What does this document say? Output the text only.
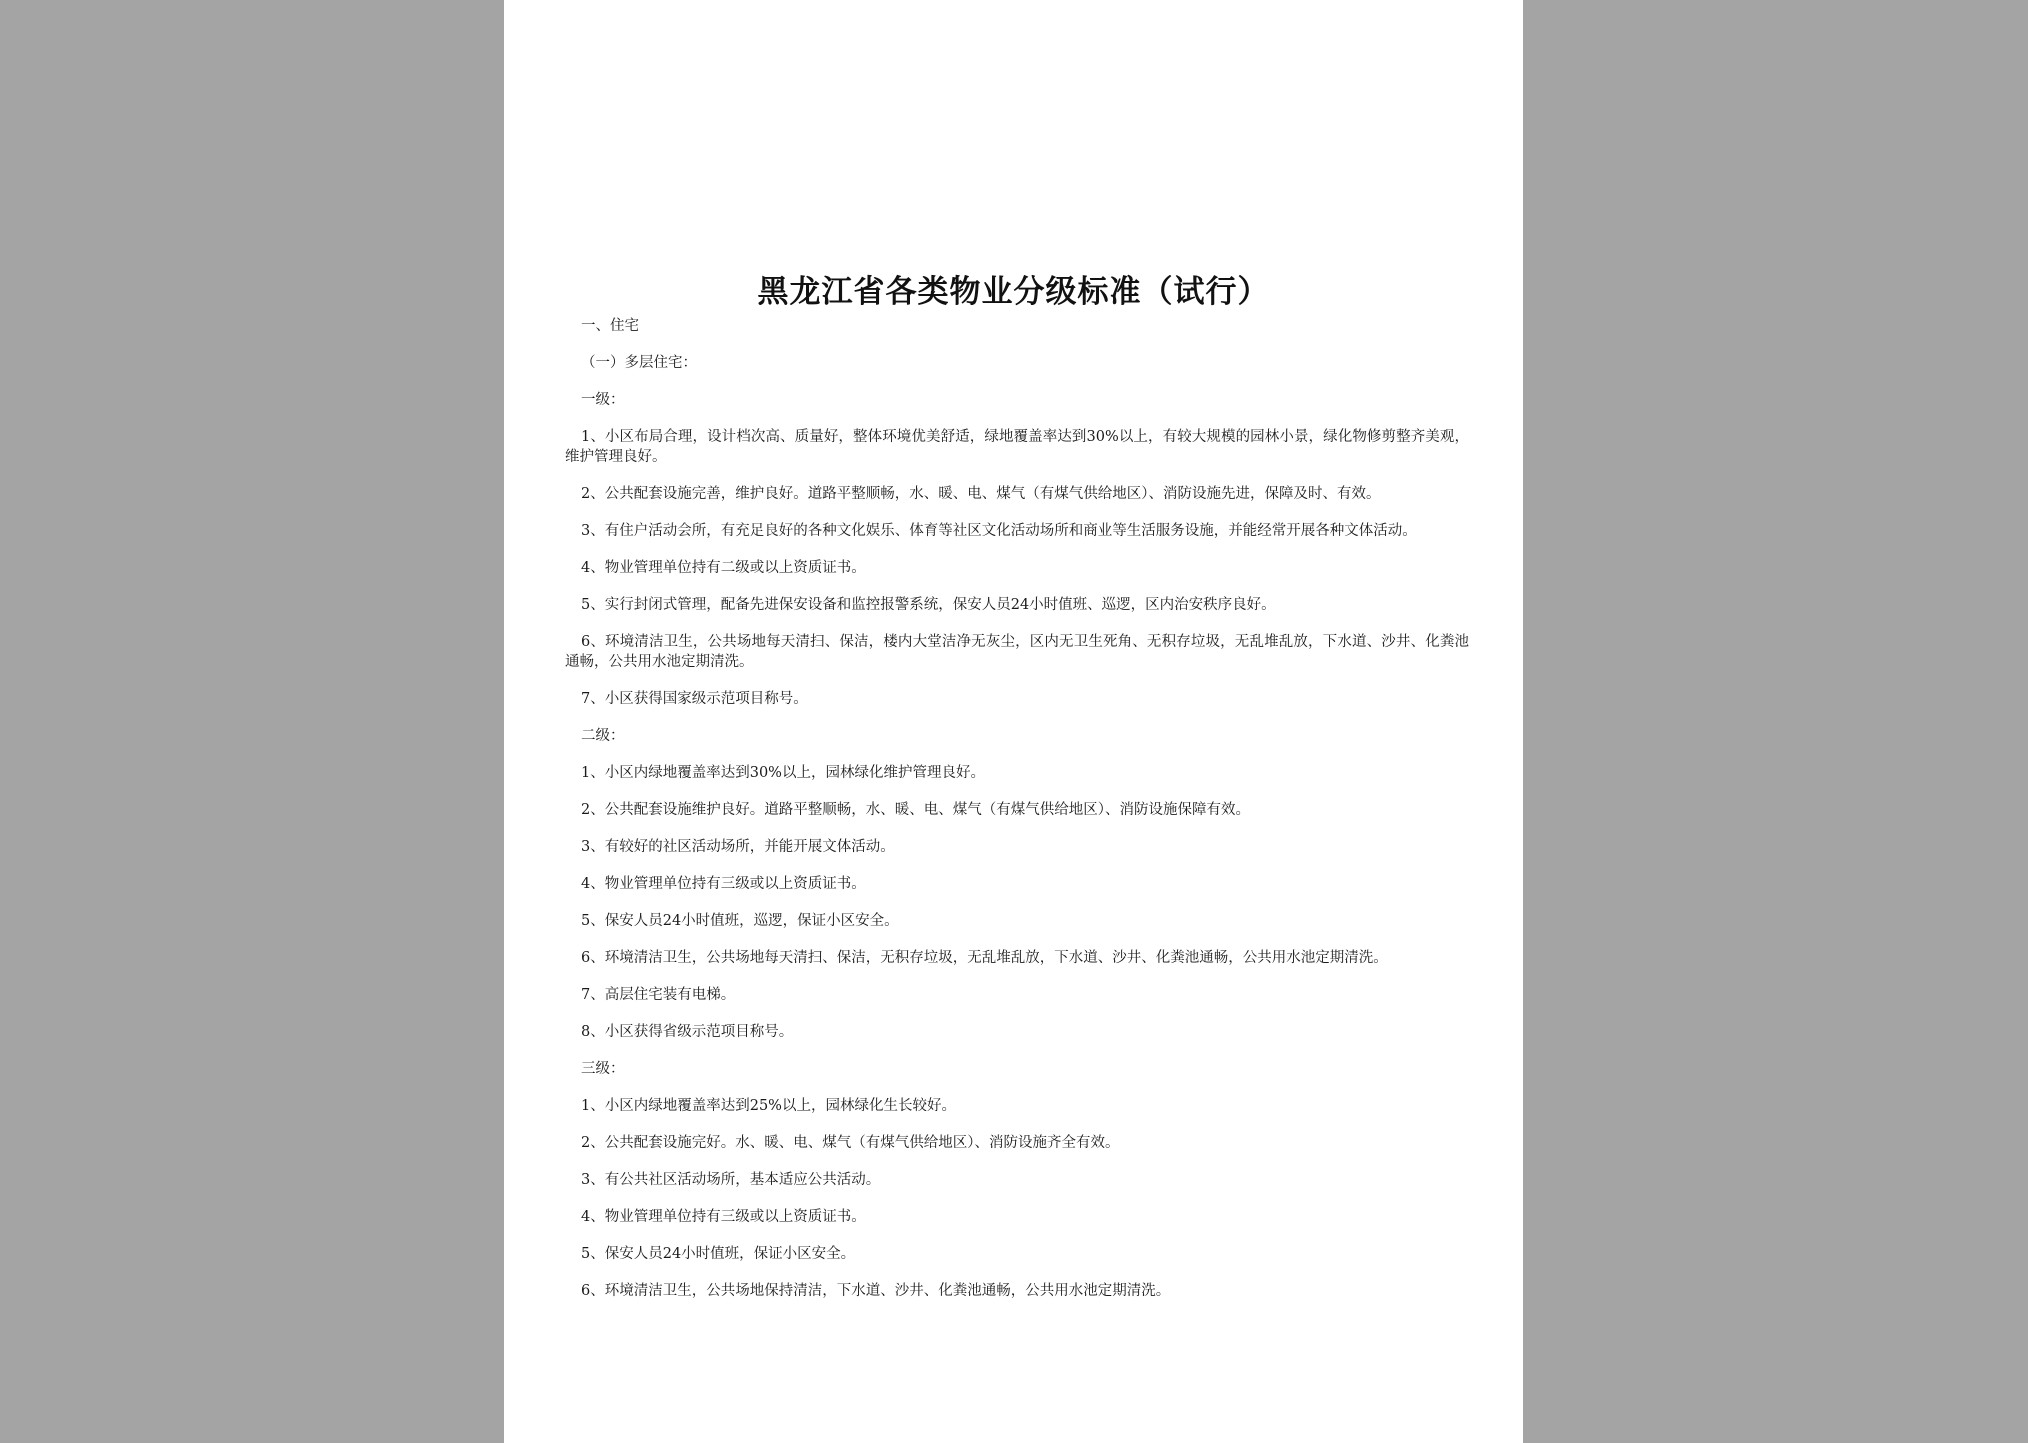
黑龙江省各类物业分级标准（试行）

一、住宅

（一）多层住宅：

一级：

1、小区布局合理，设计档次高、质量好，整体环境优美舒适，绿地覆盖率达到30%以上，有较大规模的园林小景，绿化物修剪整齐美观，维护管理良好。

2、公共配套设施完善，维护良好。道路平整顺畅，水、暖、电、煤气（有煤气供给地区）、消防设施先进，保障及时、有效。

3、有住户活动会所，有充足良好的各种文化娱乐、体育等社区文化活动场所和商业等生活服务设施，并能经常开展各种文体活动。

4、物业管理单位持有二级或以上资质证书。

5、实行封闭式管理，配备先进保安设备和监控报警系统，保安人员24小时值班、巡逻，区内治安秩序良好。

6、环境清洁卫生，公共场地每天清扫、保洁，楼内大堂洁净无灰尘，区内无卫生死角、无积存垃圾，无乱堆乱放，下水道、沙井、化粪池通畅，公共用水池定期清洗。

7、小区获得国家级示范项目称号。

二级：

1、小区内绿地覆盖率达到30%以上，园林绿化维护管理良好。

2、公共配套设施维护良好。道路平整顺畅，水、暖、电、煤气（有煤气供给地区）、消防设施保障有效。

3、有较好的社区活动场所，并能开展文体活动。

4、物业管理单位持有三级或以上资质证书。

5、保安人员24小时值班，巡逻，保证小区安全。

6、环境清洁卫生，公共场地每天清扫、保洁，无积存垃圾，无乱堆乱放，下水道、沙井、化粪池通畅，公共用水池定期清洗。

7、高层住宅装有电梯。

8、小区获得省级示范项目称号。

三级：

1、小区内绿地覆盖率达到25%以上，园林绿化生长较好。

2、公共配套设施完好。水、暖、电、煤气（有煤气供给地区）、消防设施齐全有效。

3、有公共社区活动场所，基本适应公共活动。

4、物业管理单位持有三级或以上资质证书。

5、保安人员24小时值班，保证小区安全。

6、环境清洁卫生，公共场地保持清洁，下水道、沙井、化粪池通畅，公共用水池定期清洗。
